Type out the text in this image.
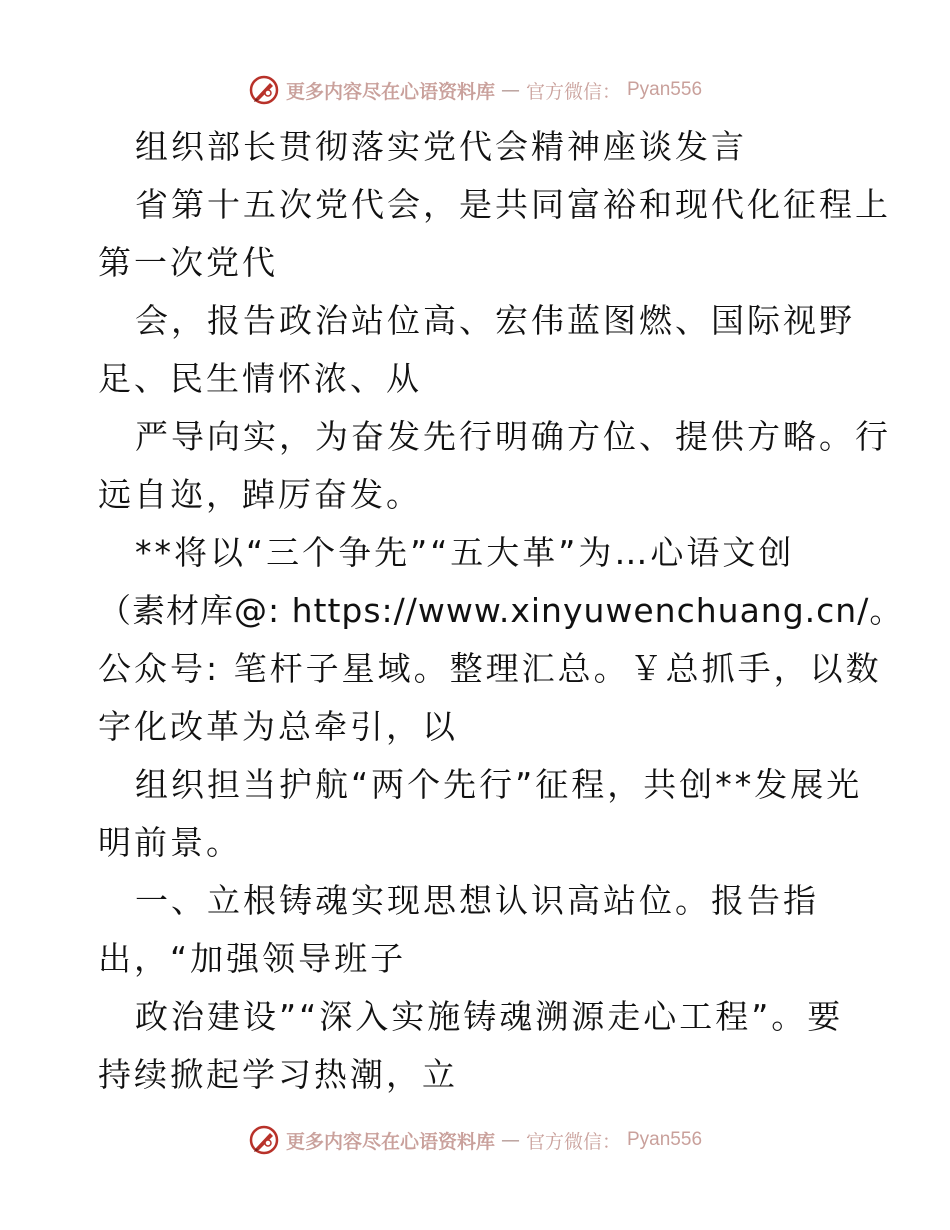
更多内容尽在心语资料库 — 官方微信： Pyan556
组织部长贯彻落实党代会精神座谈发言
省第十五次党代会，是共同富裕和现代化征程上
第一次党代
会，报告政治站位高、宏伟蓝图燃、国际视野
足、民生情怀浓、从
严导向实，为奋发先行明确方位、提供方略。行
远自迩，踔厉奋发。
**将以“三个争先”“五大革”为…心语文创
（素材库@: https://www.xinyuwenchuang.cn/。
公众号: 笔杆子星域。整理汇总。￥总抓手，以数
字化改革为总牵引，以
组织担当护航“两个先行”征程，共创**发展光
明前景。
一、立根铸魂实现思想认识高站位。报告指
出，“加强领导班子
政治建设”“深入实施铸魂溯源走心工程”。要
持续掀起学习热潮，立
更多内容尽在心语资料库 — 官方微信： Pyan556
